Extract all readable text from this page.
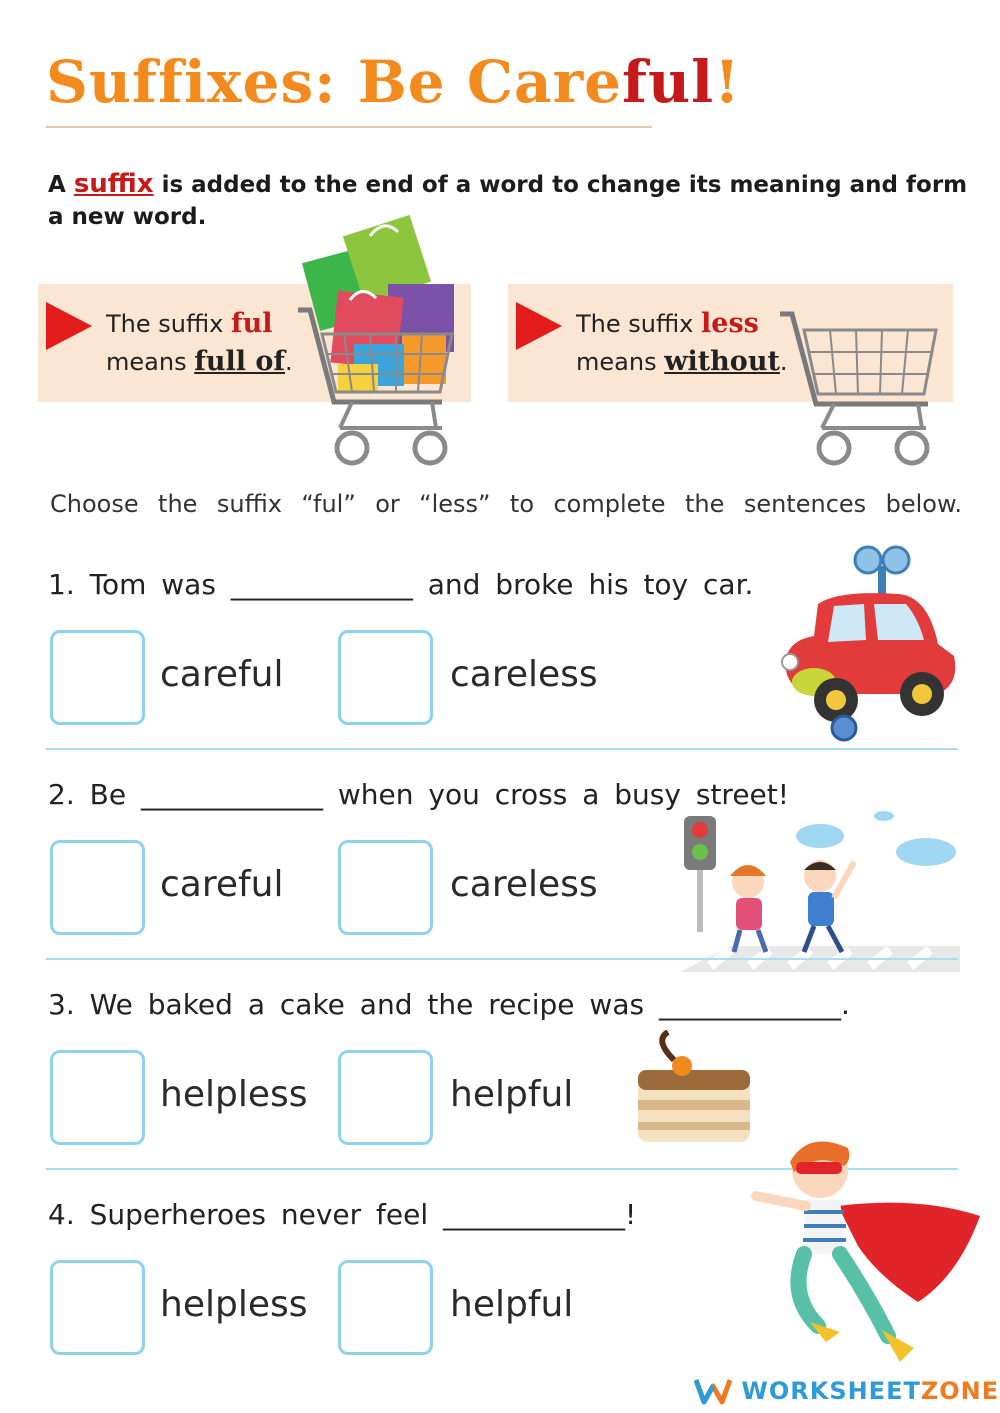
Suffixes: Be Careful!
A suffix is added to the end of a word to change its meaning and form a new word.
The suffix ful
means full of.
The suffix less
means without.
Choose the suffix “ful” or “less” to complete the sentences below.
1. Tom was _____________ and broke his toy car.
careful	careless
2. Be _____________ when you cross a busy street!
careful	careless
3. We baked a cake and the recipe was _____________.
helpless	helpful
4. Superheroes never feel _____________!
helpless	helpful
WORKSHEETZONE
